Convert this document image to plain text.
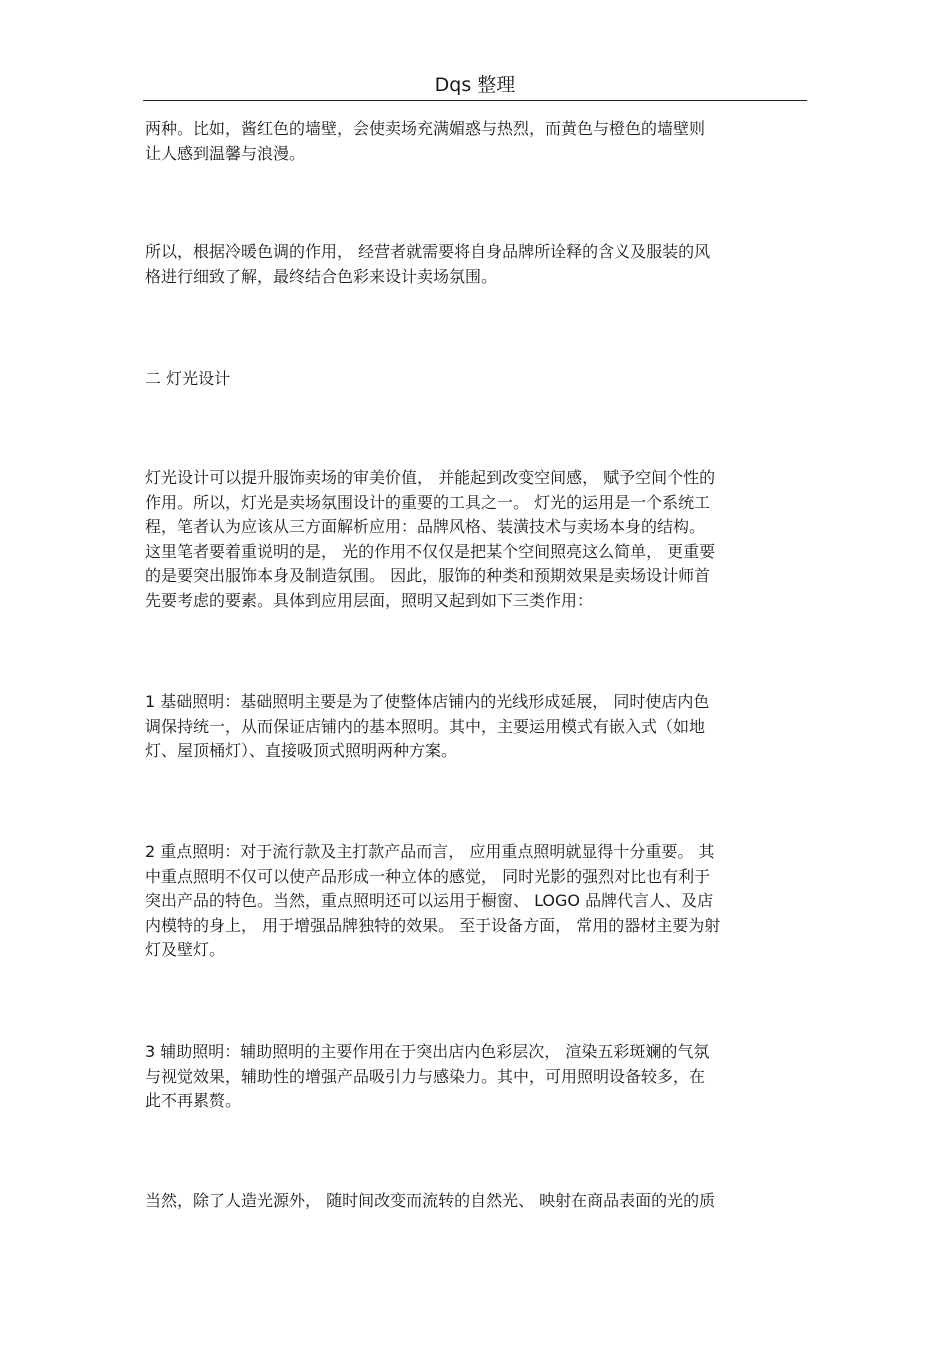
Dqs 整理
两种。比如，酱红色的墙壁，会使卖场充满媚惑与热烈，而黄色与橙色的墙壁则
让人感到温馨与浪漫。
所以，根据冷暖色调的作用， 经营者就需要将自身品牌所诠释的含义及服装的风
格进行细致了解，最终结合色彩来设计卖场氛围。
二 灯光设计
灯光设计可以提升服饰卖场的审美价值， 并能起到改变空间感， 赋予空间个性的
作用。所以，灯光是卖场氛围设计的重要的工具之一。 灯光的运用是一个系统工
程，笔者认为应该从三方面解析应用：品牌风格、装潢技术与卖场本身的结构。
这里笔者要着重说明的是， 光的作用不仅仅是把某个空间照亮这么简单， 更重要
的是要突出服饰本身及制造氛围。 因此，服饰的种类和预期效果是卖场设计师首
先要考虑的要素。具体到应用层面，照明又起到如下三类作用：
1 基础照明：基础照明主要是为了使整体店铺内的光线形成延展， 同时使店内色
调保持统一，从而保证店铺内的基本照明。其中，主要运用模式有嵌入式（如地
灯、屋顶桶灯）、直接吸顶式照明两种方案。
2 重点照明：对于流行款及主打款产品而言， 应用重点照明就显得十分重要。 其
中重点照明不仅可以使产品形成一种立体的感觉， 同时光影的强烈对比也有利于
突出产品的特色。当然，重点照明还可以运用于橱窗、 LOGO 品牌代言人、及店
内模特的身上， 用于增强品牌独特的效果。 至于设备方面， 常用的器材主要为射
灯及壁灯。
3 辅助照明：辅助照明的主要作用在于突出店内色彩层次， 渲染五彩斑斓的气氛
与视觉效果，辅助性的增强产品吸引力与感染力。其中，可用照明设备较多，在
此不再累赘。
当然，除了人造光源外， 随时间改变而流转的自然光、 映射在商品表面的光的质
